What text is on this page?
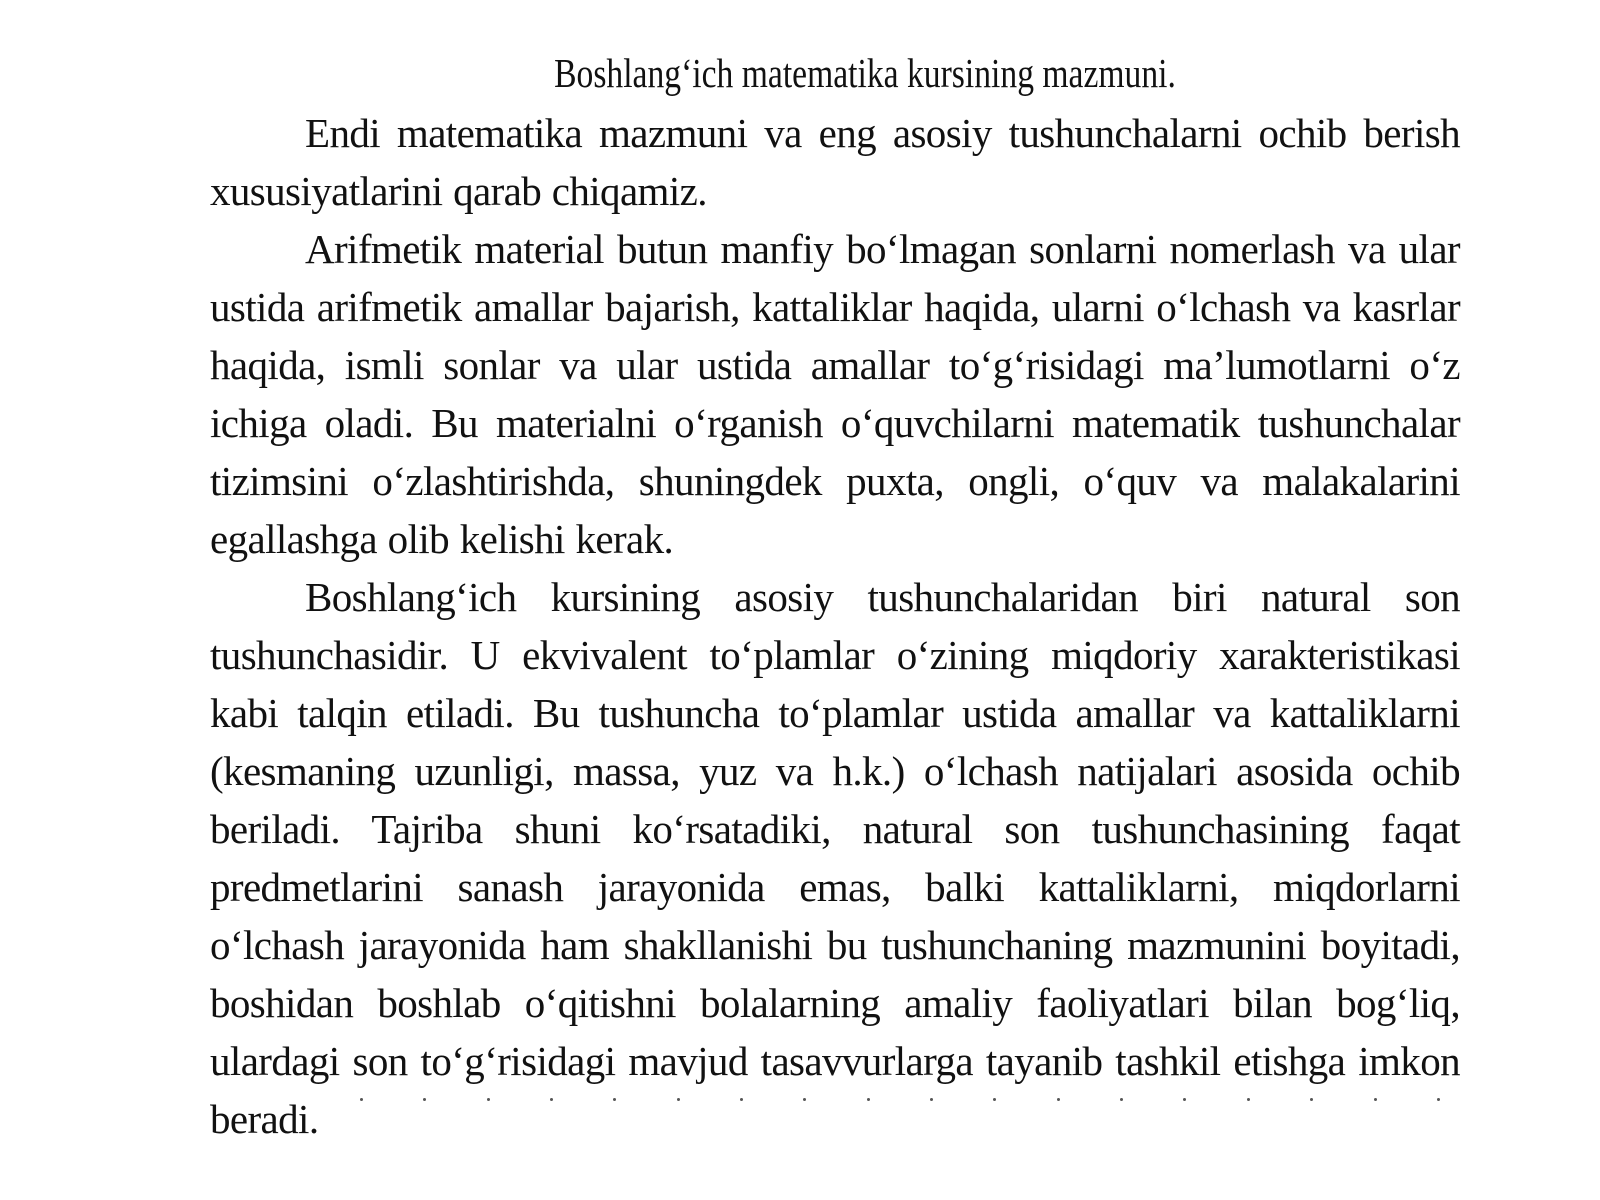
Boshlang‘ich matematika kursining mazmuni.

Endi matematika mazmuni va eng asosiy tushunchalarni ochib berish xususiyatlarini qarab chiqamiz.

Arifmetik material butun manfiy bo‘lmagan sonlarni nomerlash va ular ustida arifmetik amallar bajarish, kattaliklar haqida, ularni o‘lchash va kasrlar haqida, ismli sonlar va ular ustida amallar to‘g‘risidagi ma’lumotlarni o‘z ichiga oladi. Bu materialni o‘rganish o‘quvchilarni matematik tushunchalar tizimsini o‘zlashtirishda, shuningdek puxta, ongli, o‘quv va malakalarini egallashga olib kelishi kerak.

Boshlang‘ich kursining asosiy tushunchalaridan biri natural son tushunchasidir. U ekvivalent to‘plamlar o‘zining miqdoriy xarakteristikasi kabi talqin etiladi. Bu tushuncha to‘plamlar ustida amallar va kattaliklarni (kesmaning uzunligi, massa, yuz va h.k.) o‘lchash natijalari asosida ochib beriladi. Tajriba shuni ko‘rsatadiki, natural son tushunchasining faqat predmetlarini sanash jarayonida emas, balki kattaliklarni, miqdorlarni o‘lchash jarayonida ham shakllanishi bu tushunchaning mazmunini boyitadi, boshidan boshlab o‘qitishni bolalarning amaliy faoliyatlari bilan bog‘liq, ulardagi son to‘g‘risidagi mavjud tasavvurlarga tayanib tashkil etishga imkon beradi.
